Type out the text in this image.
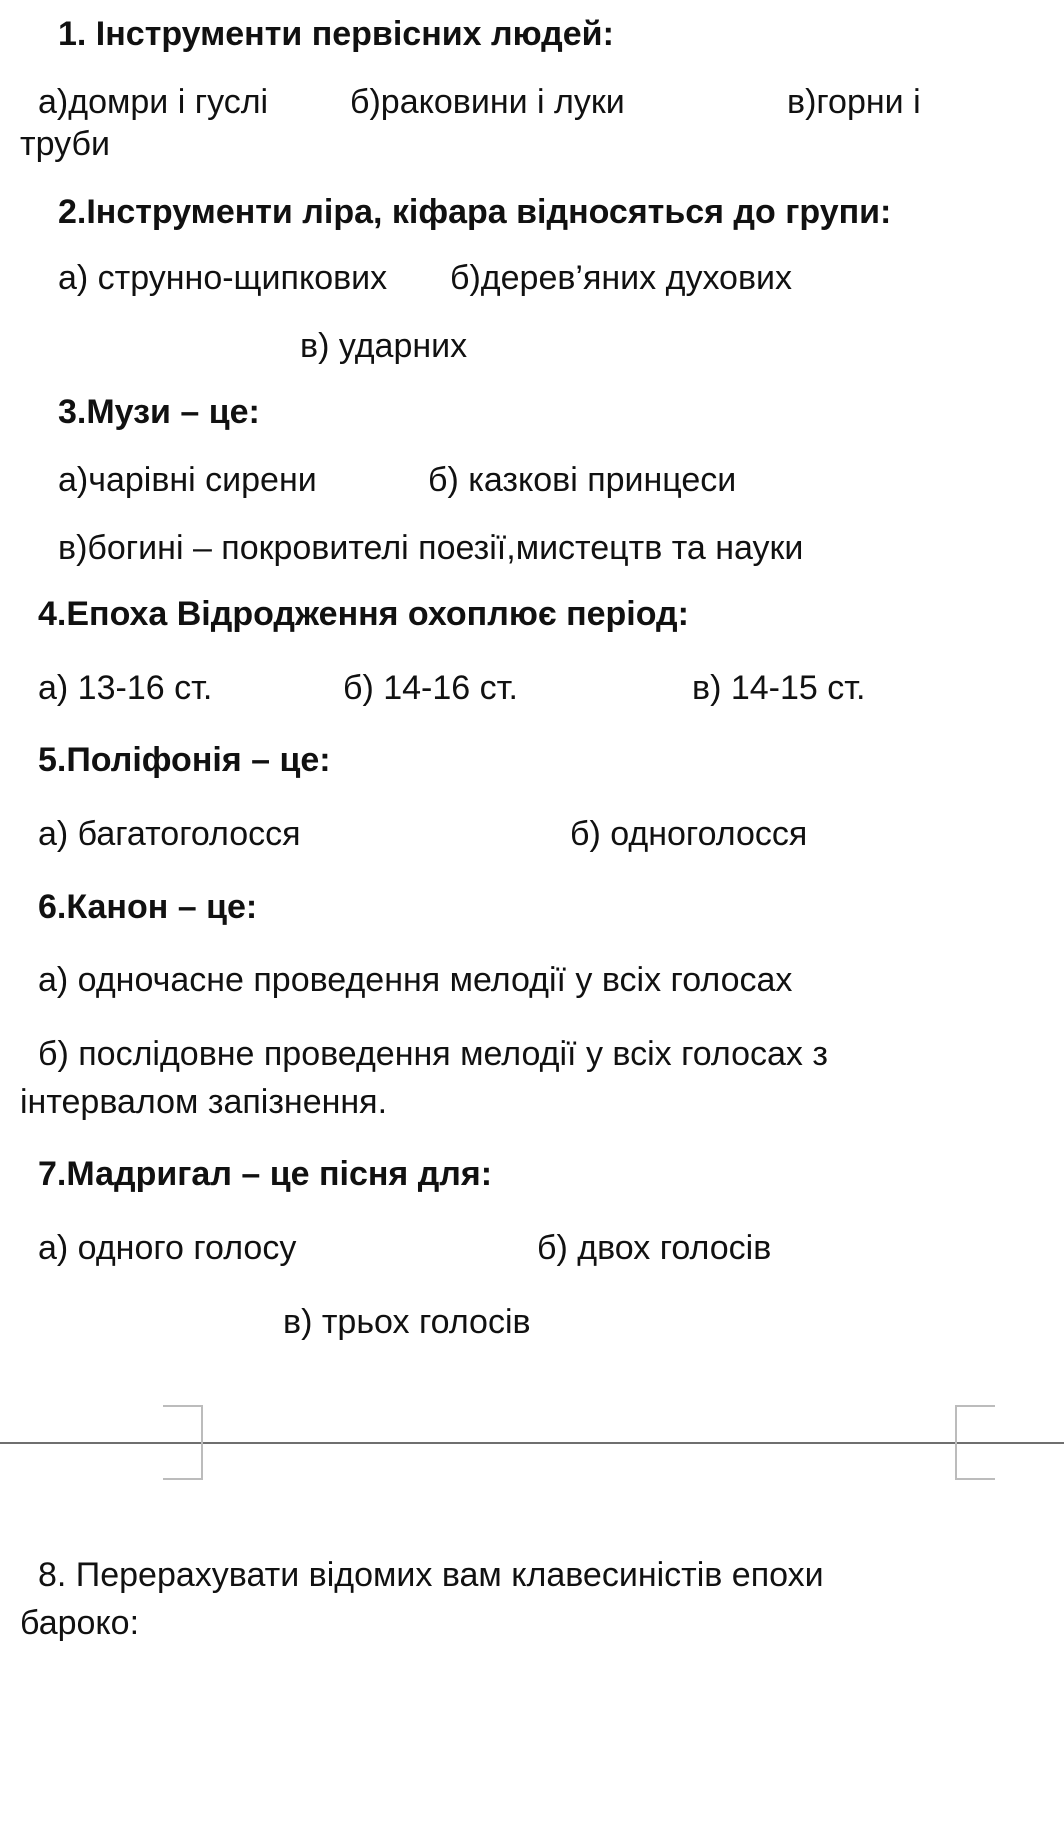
1. Інструменти первісних людей:

а)домри і гуслі б)раковини і луки	в)горни і

труби

2.Інструменти ліра, кіфара відносяться до групи:

а) струнно-щипкових б)дерев’яних духових

в) ударних

3.Музи – це:

а)чарівні сирени	б) казкові принцеси

в)богині – покровителі поезії,мистецтв та науки

4.Епоха Відродження охоплює період:

а) 13-16 ст.	б) 14-16 ст.	в) 14-15 ст.

5.Поліфонія – це:

а) багатоголосся	б) одноголосся

6.Канон – це:

а) одночасне проведення мелодії у всіх голосах

б) послідовне проведення мелодії у всіх голосах з

інтервалом запізнення.

7.Мадригал – це пісня для:

а) одного голосу	б) двох голосів

в) трьох голосів

8. Перерахувати відомих вам клавесиністів епохи

бароко:
